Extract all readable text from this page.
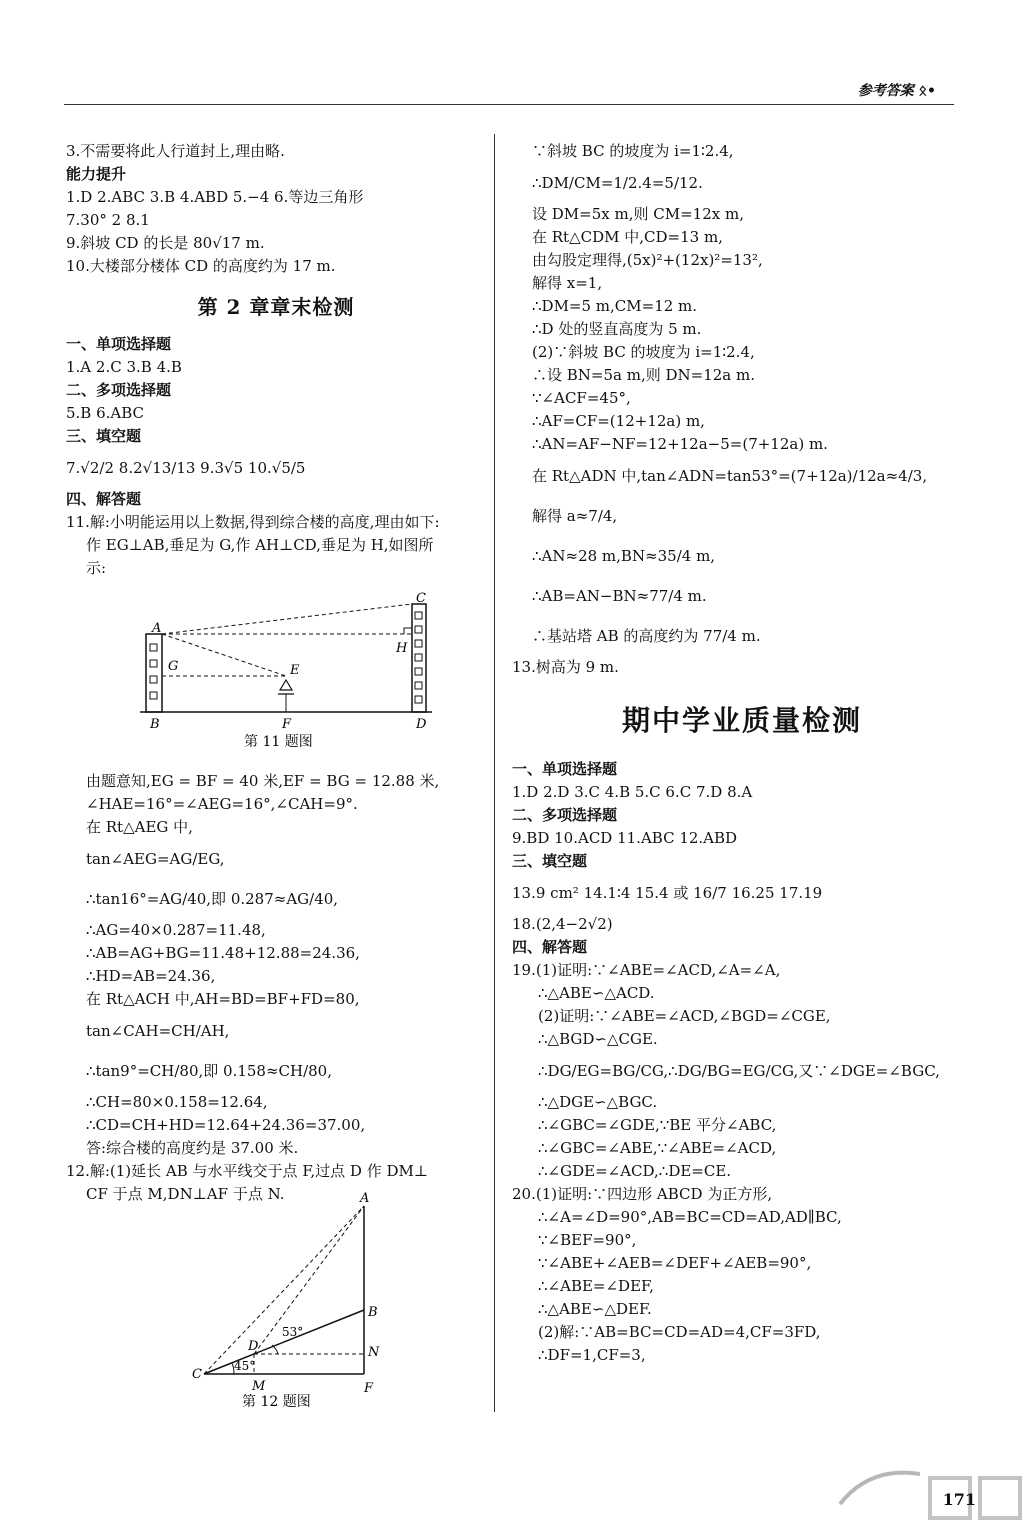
参考答案 ᛟ•
3.不需要将此人行道封上,理由略.
能力提升
1.D 2.ABC 3.B 4.ABD 5.−4 6.等边三角形
7.30° 2 8.1
9.斜坡 CD 的长是 80√17 m.
10.大楼部分楼体 CD 的高度约为 17 m.
第 2 章章末检测
一、单项选择题
1.A 2.C 3.B 4.B
二、多项选择题
5.B 6.ABC
三、填空题
7.√2/2 8.2√13/13 9.3√5 10.√5/5
四、解答题
11.解:小明能运用以上数据,得到综合楼的高度,理由如下:
作 EG⊥AB,垂足为 G,作 AH⊥CD,垂足为 H,如图所
示:
A
B
C
D
E
F
G
H
第 11 题图
由题意知,EG = BF = 40 米,EF = BG = 12.88 米,
∠HAE=16°=∠AEG=16°,∠CAH=9°.
在 Rt△AEG 中,
tan∠AEG=AG/EG,
∴tan16°=AG/40,即 0.287≈AG/40,
∴AG=40×0.287=11.48,
∴AB=AG+BG=11.48+12.88=24.36,
∴HD=AB=24.36,
在 Rt△ACH 中,AH=BD=BF+FD=80,
tan∠CAH=CH/AH,
∴tan9°=CH/80,即 0.158≈CH/80,
∴CH=80×0.158=12.64,
∴CD=CH+HD=12.64+24.36=37.00,
答:综合楼的高度约是 37.00 米.
12.解:(1)延长 AB 与水平线交于点 F,过点 D 作 DM⊥
CF 于点 M,DN⊥AF 于点 N.	A
B
C
D
F
M
N
53°
45°
第 12 题图
∵斜坡 BC 的坡度为 i=1∶2.4,
∴DM/CM=1/2.4=5/12.
设 DM=5x m,则 CM=12x m,
在 Rt△CDM 中,CD=13 m,
由勾股定理得,(5x)²+(12x)²=13²,
解得 x=1,
∴DM=5 m,CM=12 m.
∴D 处的竖直高度为 5 m.
(2)∵斜坡 BC 的坡度为 i=1∶2.4,
∴设 BN=5a m,则 DN=12a m.
∵∠ACF=45°,
∴AF=CF=(12+12a) m,
∴AN=AF−NF=12+12a−5=(7+12a) m.
在 Rt△ADN 中,tan∠ADN=tan53°=(7+12a)/12a≈4/3,
解得 a≈7/4,
∴AN≈28 m,BN≈35/4 m,
∴AB=AN−BN≈77/4 m.
∴基站塔 AB 的高度约为 77/4 m.
13.树高为 9 m.
期中学业质量检测
一、单项选择题
1.D 2.D 3.C 4.B 5.C 6.C 7.D 8.A
二、多项选择题
9.BD 10.ACD 11.ABC 12.ABD
三、填空题
13.9 cm² 14.1∶4 15.4 或 16/7 16.25 17.19
18.(2,4−2√2)
四、解答题
19.(1)证明:∵∠ABE=∠ACD,∠A=∠A,
∴△ABE∽△ACD.
(2)证明:∵∠ABE=∠ACD,∠BGD=∠CGE,
∴△BGD∽△CGE.
∴DG/EG=BG/CG,∴DG/BG=EG/CG,又∵∠DGE=∠BGC,
∴△DGE∽△BGC.
∴∠GBC=∠GDE,∵BE 平分∠ABC,
∴∠GBC=∠ABE,∵∠ABE=∠ACD,
∴∠GDE=∠ACD,∴DE=CE.
20.(1)证明:∵四边形 ABCD 为正方形,
∴∠A=∠D=90°,AB=BC=CD=AD,AD∥BC,
∵∠BEF=90°,
∵∠ABE+∠AEB=∠DEF+∠AEB=90°,
∴∠ABE=∠DEF,
∴△ABE∽△DEF.
(2)解:∵AB=BC=CD=AD=4,CF=3FD,
∴DF=1,CF=3,
171
